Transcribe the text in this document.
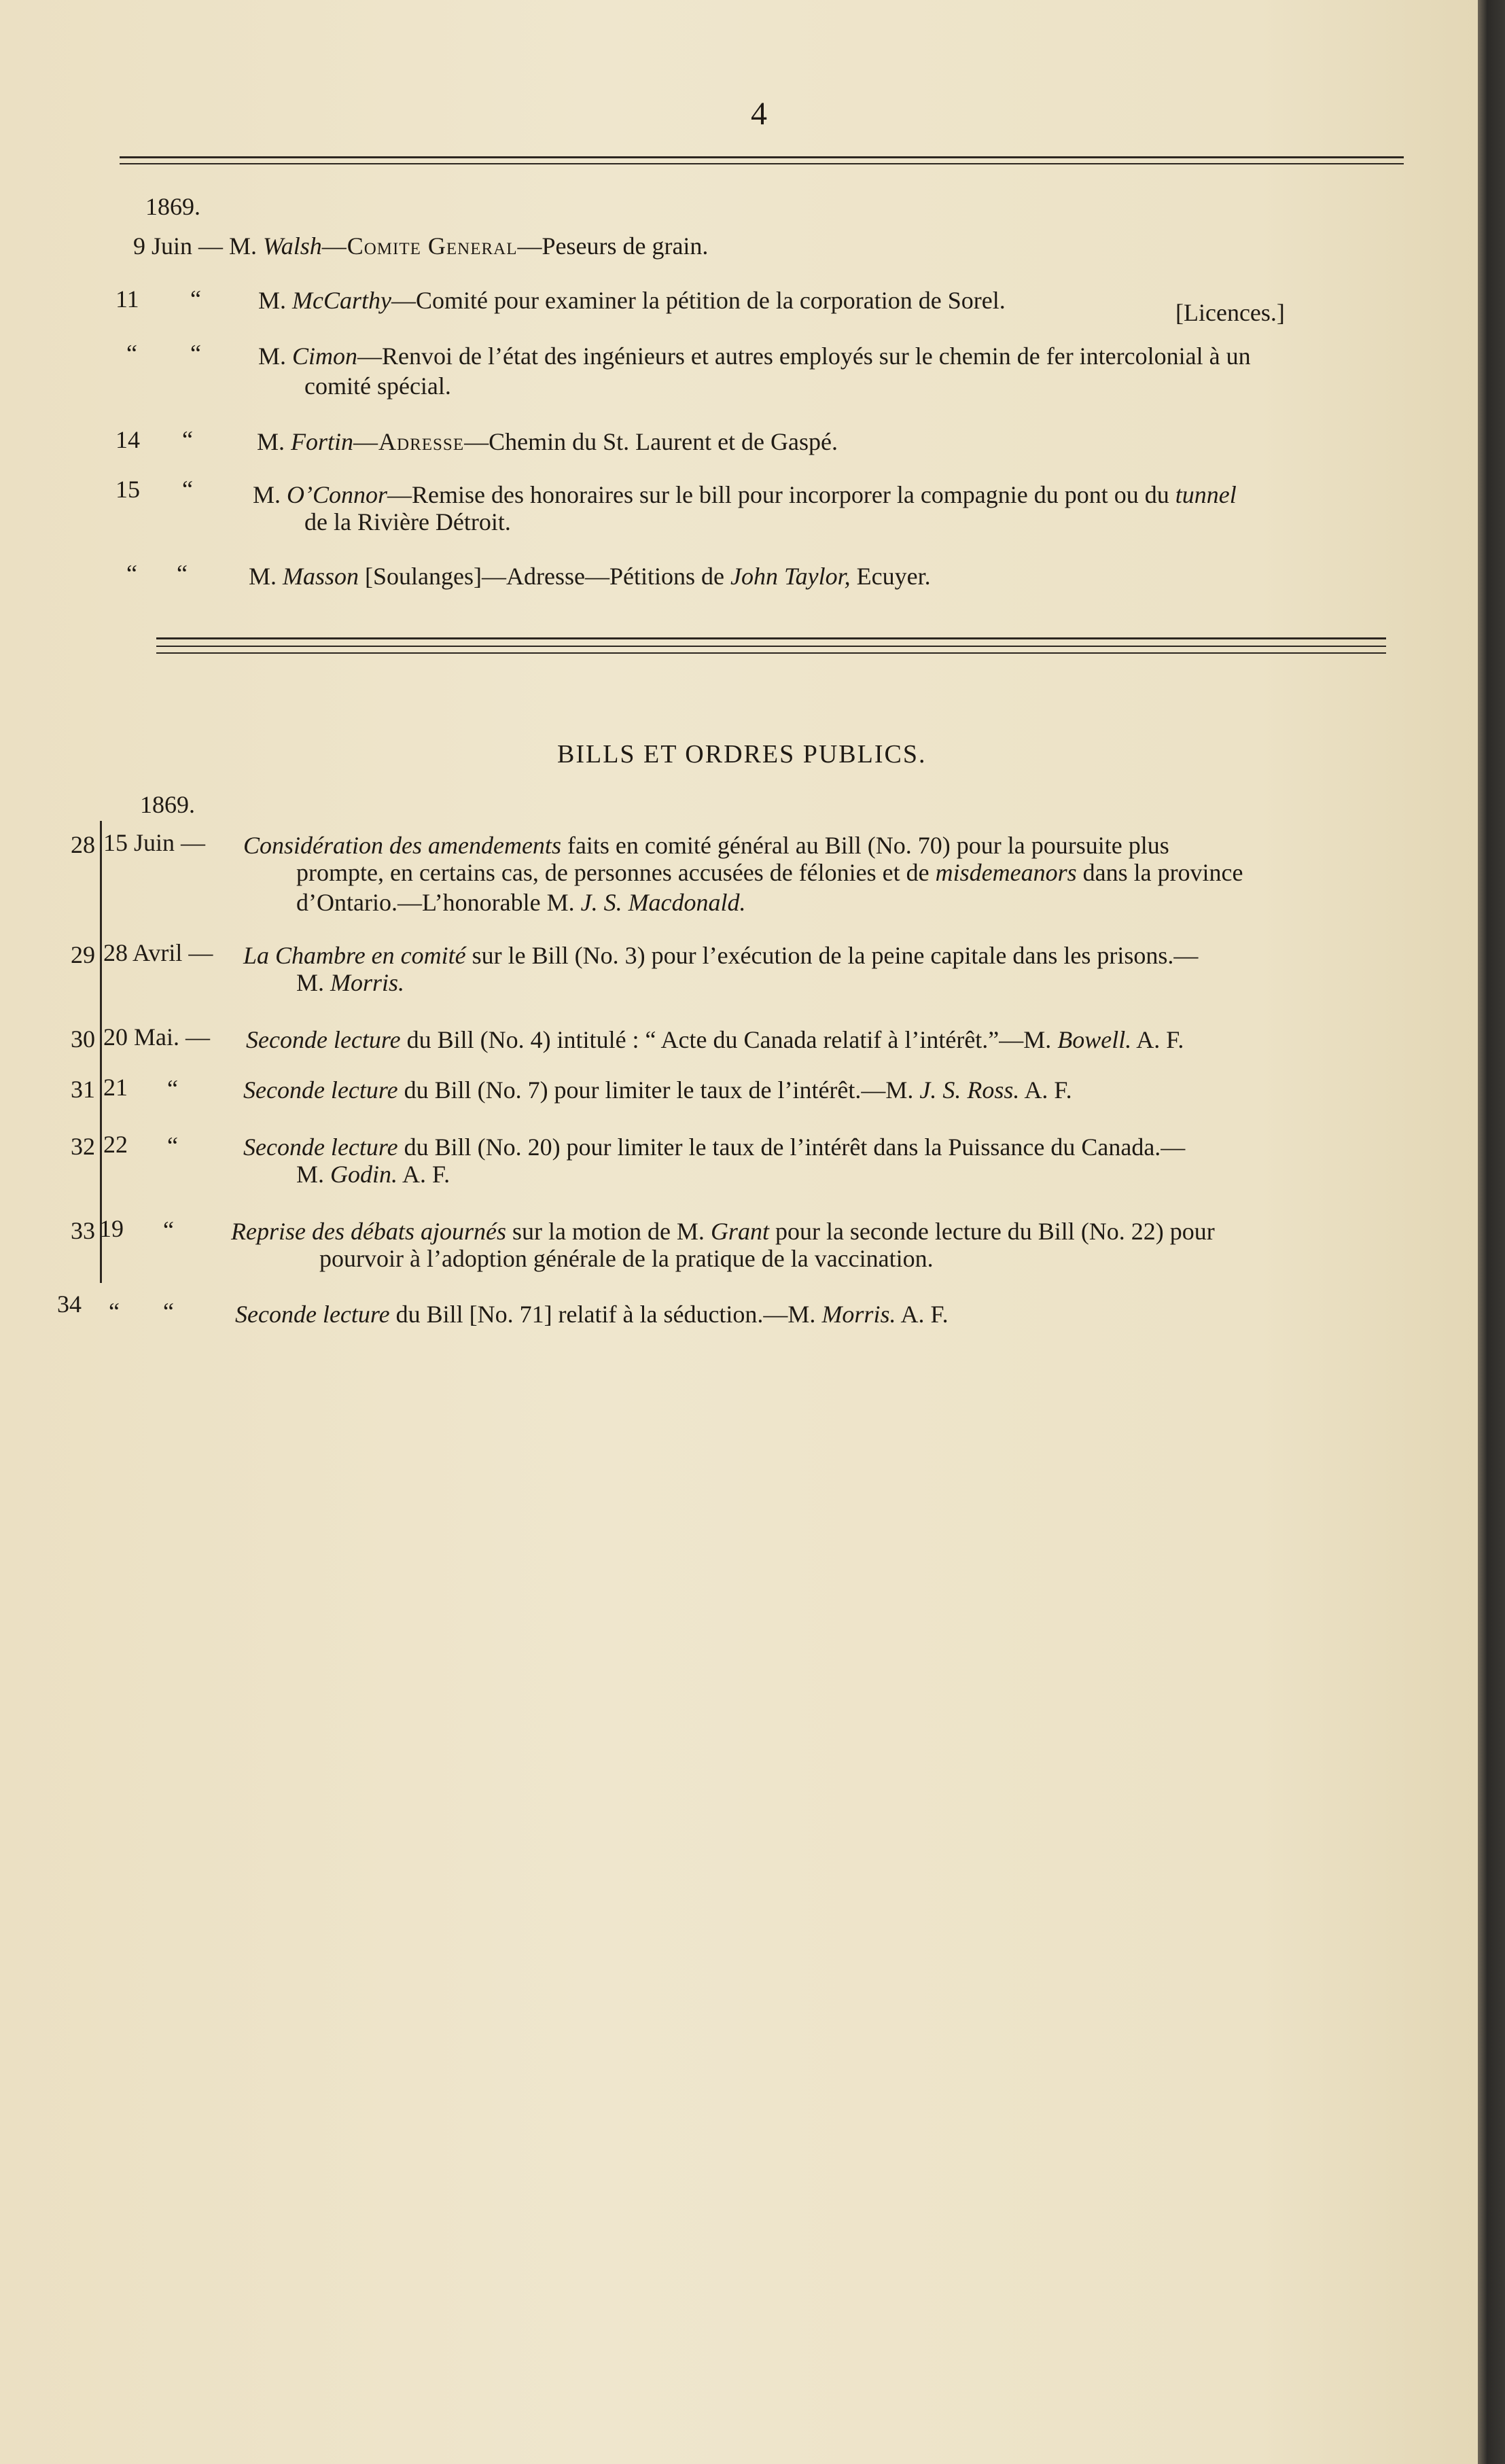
4
1869.
9 Juin — M. Walsh—Comite General—Peseurs de grain.
11 “ M. McCarthy—Comité pour examiner la pétition de la corporation de Sorel.	[Licences.]
“ “ M. Cimon—Renvoi de l’état des ingénieurs et autres employés sur le chemin de fer intercolonial à un
comité spécial.
14 “	M. Fortin—Adresse—Chemin du St. Laurent et de Gaspé.
15 “ M. O’Connor—Remise des honoraires sur le bill pour incorporer la compagnie du pont ou du tunnel
de la Rivière Détroit.
“ “	M. Masson [Soulanges]—Adresse—Pétitions de John Taylor, Ecuyer.
BILLS ET ORDRES PUBLICS.
1869.
28 15 Juin — Considération des amendements faits en comité général au Bill (No. 70) pour la poursuite plus
prompte, en certains cas, de personnes accusées de félonies et de misdemeanors dans la province
d’Ontario.—L’honorable M. J. S. Macdonald.
29 28 Avril — La Chambre en comité sur le Bill (No. 3) pour l’exécution de la peine capitale dans les prisons.—
M. Morris.
30 20 Mai. — Seconde lecture du Bill (No. 4) intitulé : “ Acte du Canada relatif à l’intérêt.”—M. Bowell. A. F.
31 21 “	Seconde lecture du Bill (No. 7) pour limiter le taux de l’intérêt.—M. J. S. Ross. A. F.
32 22 “	Seconde lecture du Bill (No. 20) pour limiter le taux de l’intérêt dans la Puissance du Canada.—
M. Godin. A. F.
33 19 “ Reprise des débats ajournés sur la motion de M. Grant pour la seconde lecture du Bill (No. 22) pour
pourvoir à l’adoption générale de la pratique de la vaccination.
34 “ “	Seconde lecture du Bill [No. 71] relatif à la séduction.—M. Morris. A. F.
